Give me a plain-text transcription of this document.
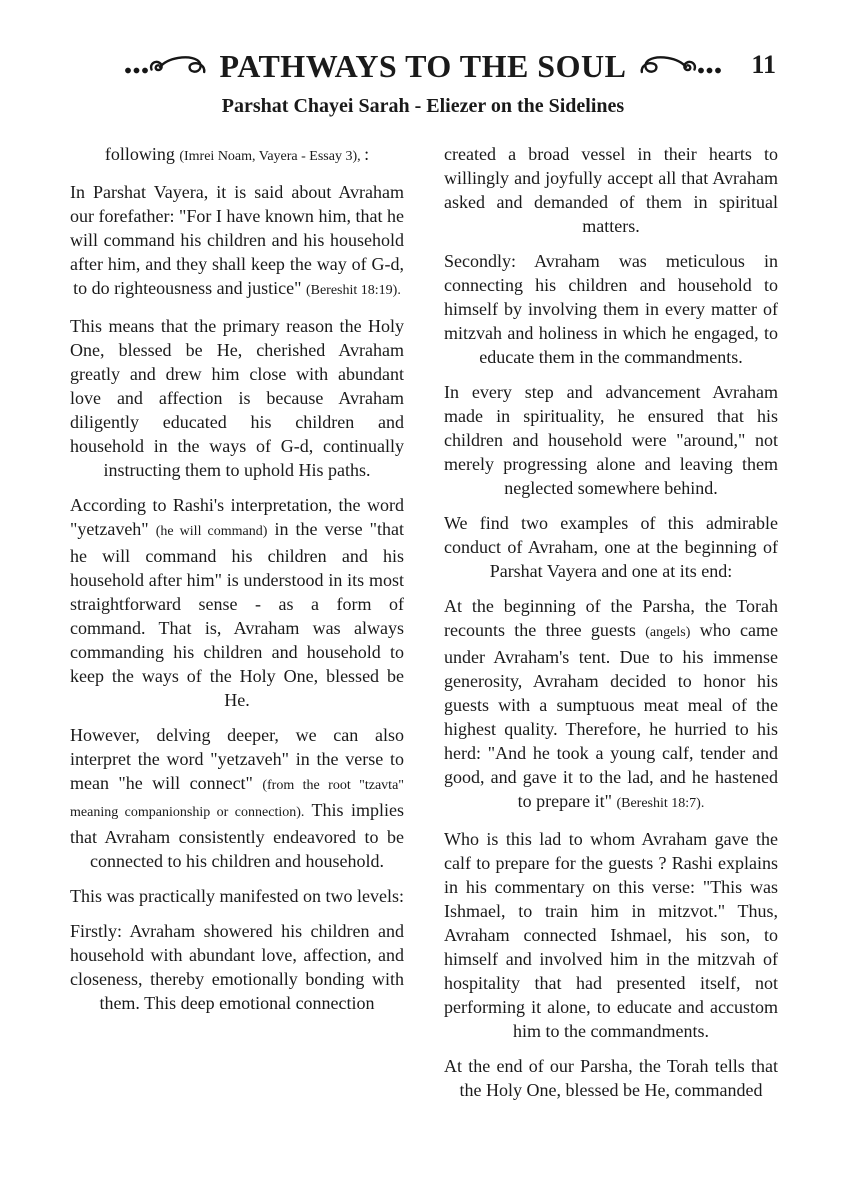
PATHWAYS TO THE SOUL	11
Parshat Chayei Sarah - Eliezer on the Sidelines

following (Imrei Noam, Vayera - Essay 3), :

In Parshat Vayera, it is said about Avraham our forefather: "For I have known him, that he will command his children and his household after him, and they shall keep the way of G-d, to do righteousness and justice" (Bereshit 18:19).

This means that the primary reason the Holy One, blessed be He, cherished Avraham greatly and drew him close with abundant love and affection is because Avraham diligently educated his children and household in the ways of G-d, continually instructing them to uphold His paths.

According to Rashi's interpretation, the word "yetzaveh" (he will command) in the verse "that he will command his children and his household after him" is understood in its most straightforward sense - as a form of command. That is, Avraham was always commanding his children and household to keep the ways of the Holy One, blessed be He.

However, delving deeper, we can also interpret the word "yetzaveh" in the verse to mean "he will connect" (from the root "tzavta" meaning companionship or connection). This implies that Avraham consistently endeavored to be connected to his children and household.

This was practically manifested on two levels:

Firstly: Avraham showered his children and household with abundant love, affection, and closeness, thereby emotionally bonding with them. This deep emotional connection

created a broad vessel in their hearts to willingly and joyfully accept all that Avraham asked and demanded of them in spiritual matters.

Secondly: Avraham was meticulous in connecting his children and household to himself by involving them in every matter of mitzvah and holiness in which he engaged, to educate them in the commandments.

In every step and advancement Avraham made in spirituality, he ensured that his children and household were "around," not merely progressing alone and leaving them neglected somewhere behind.

We find two examples of this admirable conduct of Avraham, one at the beginning of Parshat Vayera and one at its end:

At the beginning of the Parsha, the Torah recounts the three guests (angels) who came under Avraham's tent. Due to his immense generosity, Avraham decided to honor his guests with a sumptuous meat meal of the highest quality. Therefore, he hurried to his herd: "And he took a young calf, tender and good, and gave it to the lad, and he hastened to prepare it" (Bereshit 18:7).

Who is this lad to whom Avraham gave the calf to prepare for the guests ? Rashi explains in his commentary on this verse: "This was Ishmael, to train him in mitzvot." Thus, Avraham connected Ishmael, his son, to himself and involved him in the mitzvah of hospitality that had presented itself, not performing it alone, to educate and accustom him to the commandments.

At the end of our Parsha, the Torah tells that the Holy One, blessed be He, commanded
